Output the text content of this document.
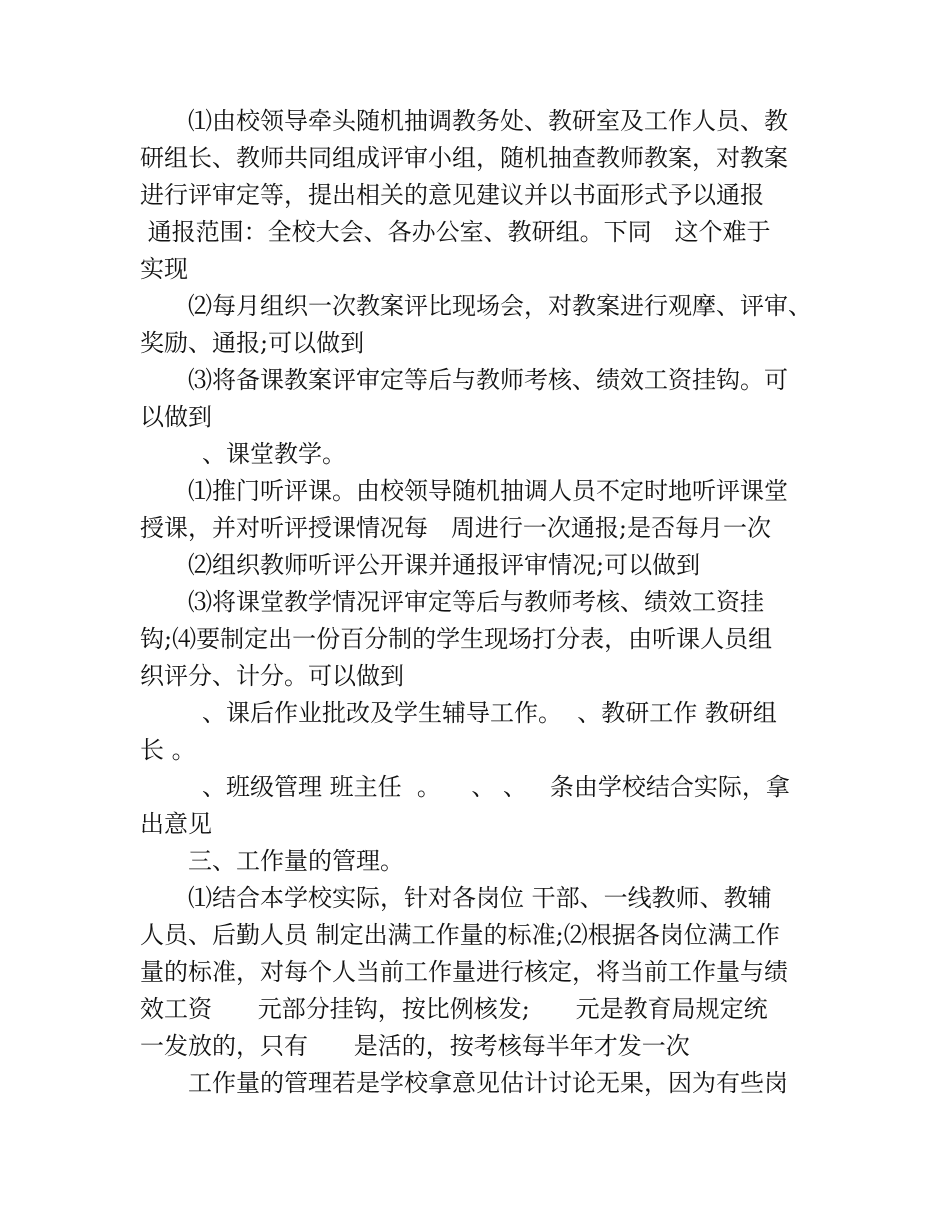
⑴由校领导牵头随机抽调教务处、教研室及工作人员、教
研组长、教师共同组成评审小组，随机抽查教师教案，对教案
进行评审定等，提出相关的意见建议并以书面形式予以通报
通报范围：全校大会、各办公室、教研组。下同   这个难于
实现
⑵每月组织一次教案评比现场会，对教案进行观摩、评审、
奖励、通报;可以做到
⑶将备课教案评审定等后与教师考核、绩效工资挂钩。可
以做到
、课堂教学。
⑴推门听评课。由校领导随机抽调人员不定时地听评课堂
授课，并对听评授课情况每   周进行一次通报;是否每月一次
⑵组织教师听评公开课并通报评审情况;可以做到
⑶将课堂教学情况评审定等后与教师考核、绩效工资挂
钩;⑷要制定出一份百分制的学生现场打分表，由听课人员组
织评分、计分。可以做到
、课后作业批改及学生辅导工作。  、教研工作 教研组
长 。
、班级管理 班主任  。    、 、   条由学校结合实际，拿
出意见
三、工作量的管理。
⑴结合本学校实际，针对各岗位 干部、一线教师、教辅
人员、后勤人员 制定出满工作量的标准;⑵根据各岗位满工作
量的标准，对每个人当前工作量进行核定，将当前工作量与绩
效工资      元部分挂钩，按比例核发;      元是教育局规定统
一发放的，只有      是活的，按考核每半年才发一次
工作量的管理若是学校拿意见估计讨论无果，因为有些岗
